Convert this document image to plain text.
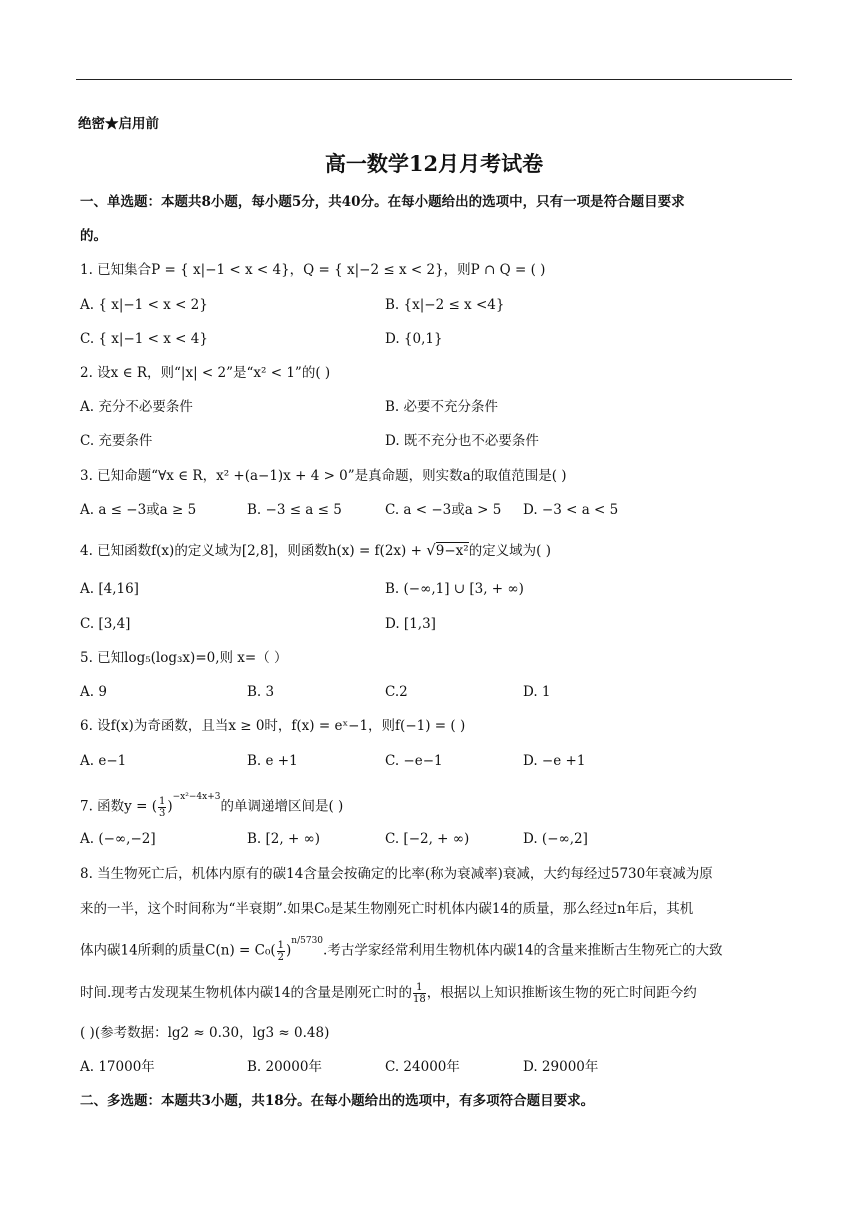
绝密★启用前
高一数学12月月考试卷
一、单选题：本题共8小题，每小题5分，共40分。在每小题给出的选项中，只有一项是符合题目要求
的。
1. 已知集合P = { x|−1 < x < 4}，Q = { x|−2 ≤ x < 2}，则P ∩ Q = ( )
A. { x|−1 < x < 2}	B. {x|−2 ≤ x <4}
C. { x|−1 < x < 4}	D. {0,1}
2. 设x ∈ R，则“|x| < 2”是“x² < 1”的( )
A. 充分不必要条件	B. 必要不充分条件
C. 充要条件	D. 既不充分也不必要条件
3. 已知命题“∀x ∈ R，x² +(a−1)x + 4 > 0”是真命题，则实数a的取值范围是( )
A. a ≤ −3或a ≥ 5	B. −3 ≤ a ≤ 5	C. a < −3或a > 5 D. −3 < a < 5
4. 已知函数f(x)的定义域为[2,8]，则函数h(x) = f(2x) + √9−x²的定义域为( )
A. [4,16]	B. (−∞,1] ∪ [3, + ∞)
C. [3,4]	D. [1,3]
5. 已知log₅(log₃x)=0,则 x=（ ）
A. 9	B. 3	C.2	D. 1
6. 设f(x)为奇函数，且当x ≥ 0时，f(x) = eˣ−1，则f(−1) = ( )
A. e−1	B. e +1	C. −e−1	D. −e +1
7. 函数y = ( $\frac{1}{3} )^{-x^2-4x+3}$的单调递增区间是( )
A. (−∞,−2]	B. [2, + ∞)	C. [−2, + ∞)	D. (−∞,2]
8. 当生物死亡后，机体内原有的碳14含量会按确定的比率(称为衰减率)衰减，大约每经过5730年衰减为原
来的一半，这个时间称为“半衰期”.如果C₀是某生物刚死亡时机体内碳14的质量，那么经过n年后，其机
体内碳14所剩的质量$C(n) = C_0( \frac{1}{2} )^{n/5730}$.考古学家经常利用生物机体内碳14的含量来推断古生物死亡的大致
时间.现考古发现某生物机体内碳14的含量是刚死亡时的 $\frac{1}{18}$ ，根据以上知识推断该生物的死亡时间距今约
( )(参考数据：lg2 ≈ 0.30，lg3 ≈ 0.48)
A. 17000年	B. 20000年	C. 24000年	D. 29000年
二、多选题：本题共3小题，共18分。在每小题给出的选项中，有多项符合题目要求。
